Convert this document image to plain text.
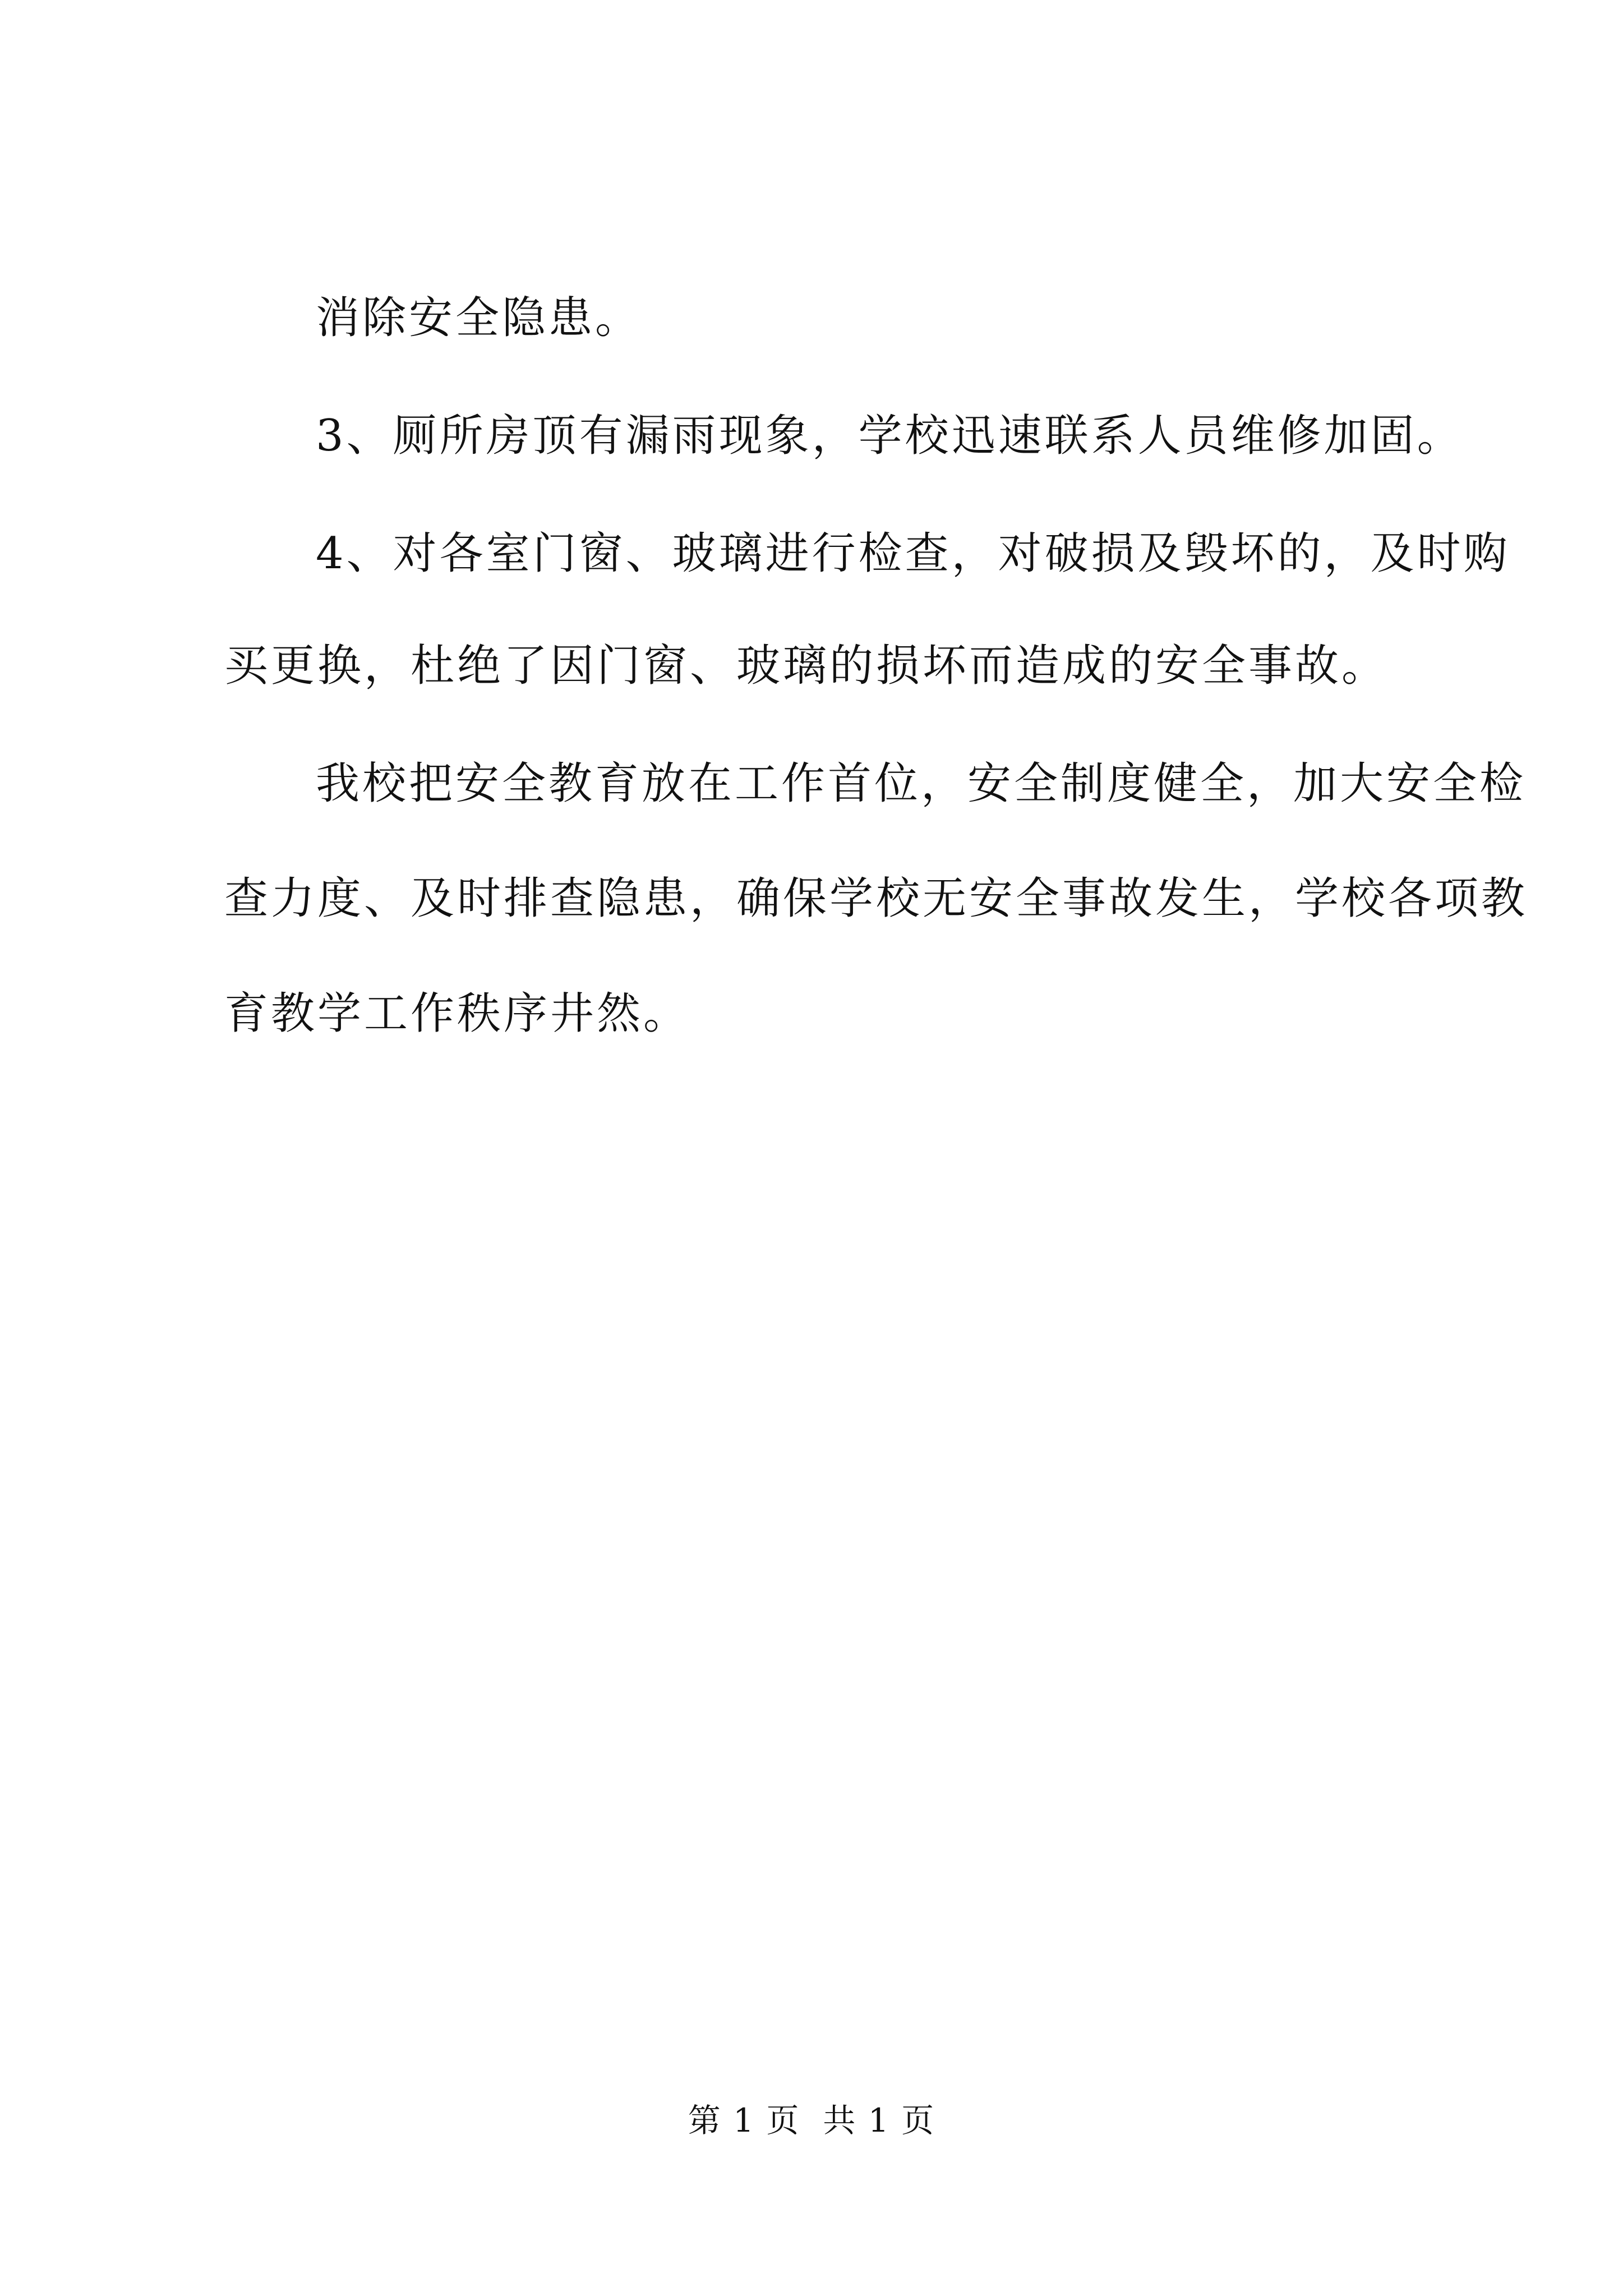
消除安全隐患。
3、厕所房顶有漏雨现象，学校迅速联系人员维修加固。
4、对各室门窗、玻璃进行检查，对破损及毁坏的，及时购
买更换，杜绝了因门窗、玻璃的损坏而造成的安全事故。
我校把安全教育放在工作首位，安全制度健全，加大安全检
查力度、及时排查隐患，确保学校无安全事故发生，学校各项教
育教学工作秩序井然。
第 1 页  共 1 页
